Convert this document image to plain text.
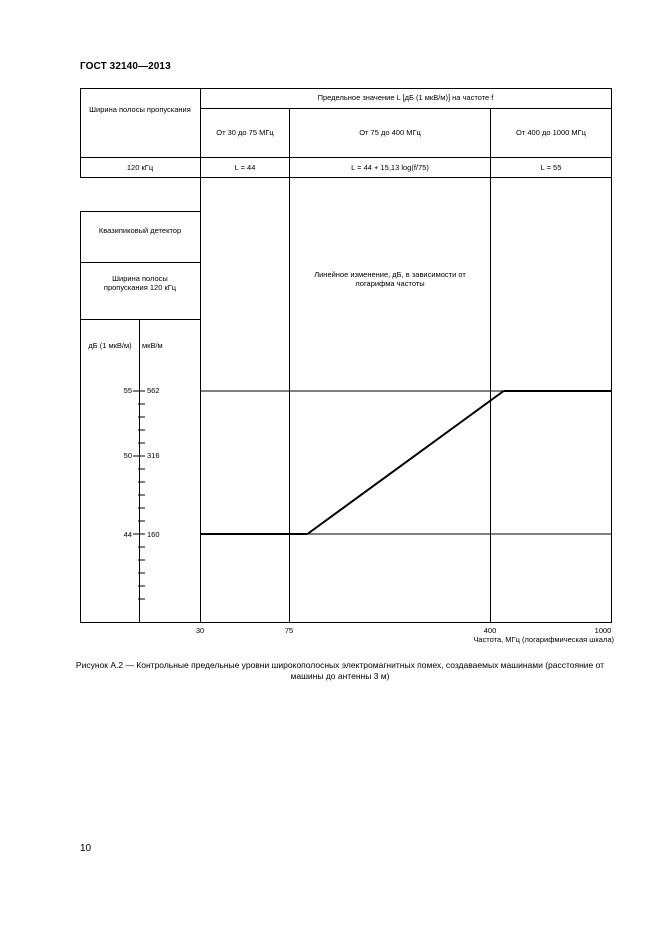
ГОСТ 32140—2013
Ширина полосы пропускания
Предельное значение L [дБ (1 мкВ/м)] на частоте f
От 30 до 75 МГц	От 75 до 400 МГц	От 400 до 1000 МГц
120 кГц	L = 44	L = 44 + 15,13 log(f/75)	L = 55
Квазипиковый детектор
Ширина полосы пропускания 120 кГц
дБ (1 мкВ/м)	мкВ/м
55 562
50 316
44 160
Линейное изменение, дБ, в зависимости от логарифма частоты
30	75	400	1000
Частота, МГц (логарифмическая шкала)
Рисунок А.2 — Контрольные предельные уровни широкополосных электромагнитных помех, создаваемых машинами (расстояние от машины до антенны 3 м)
10
